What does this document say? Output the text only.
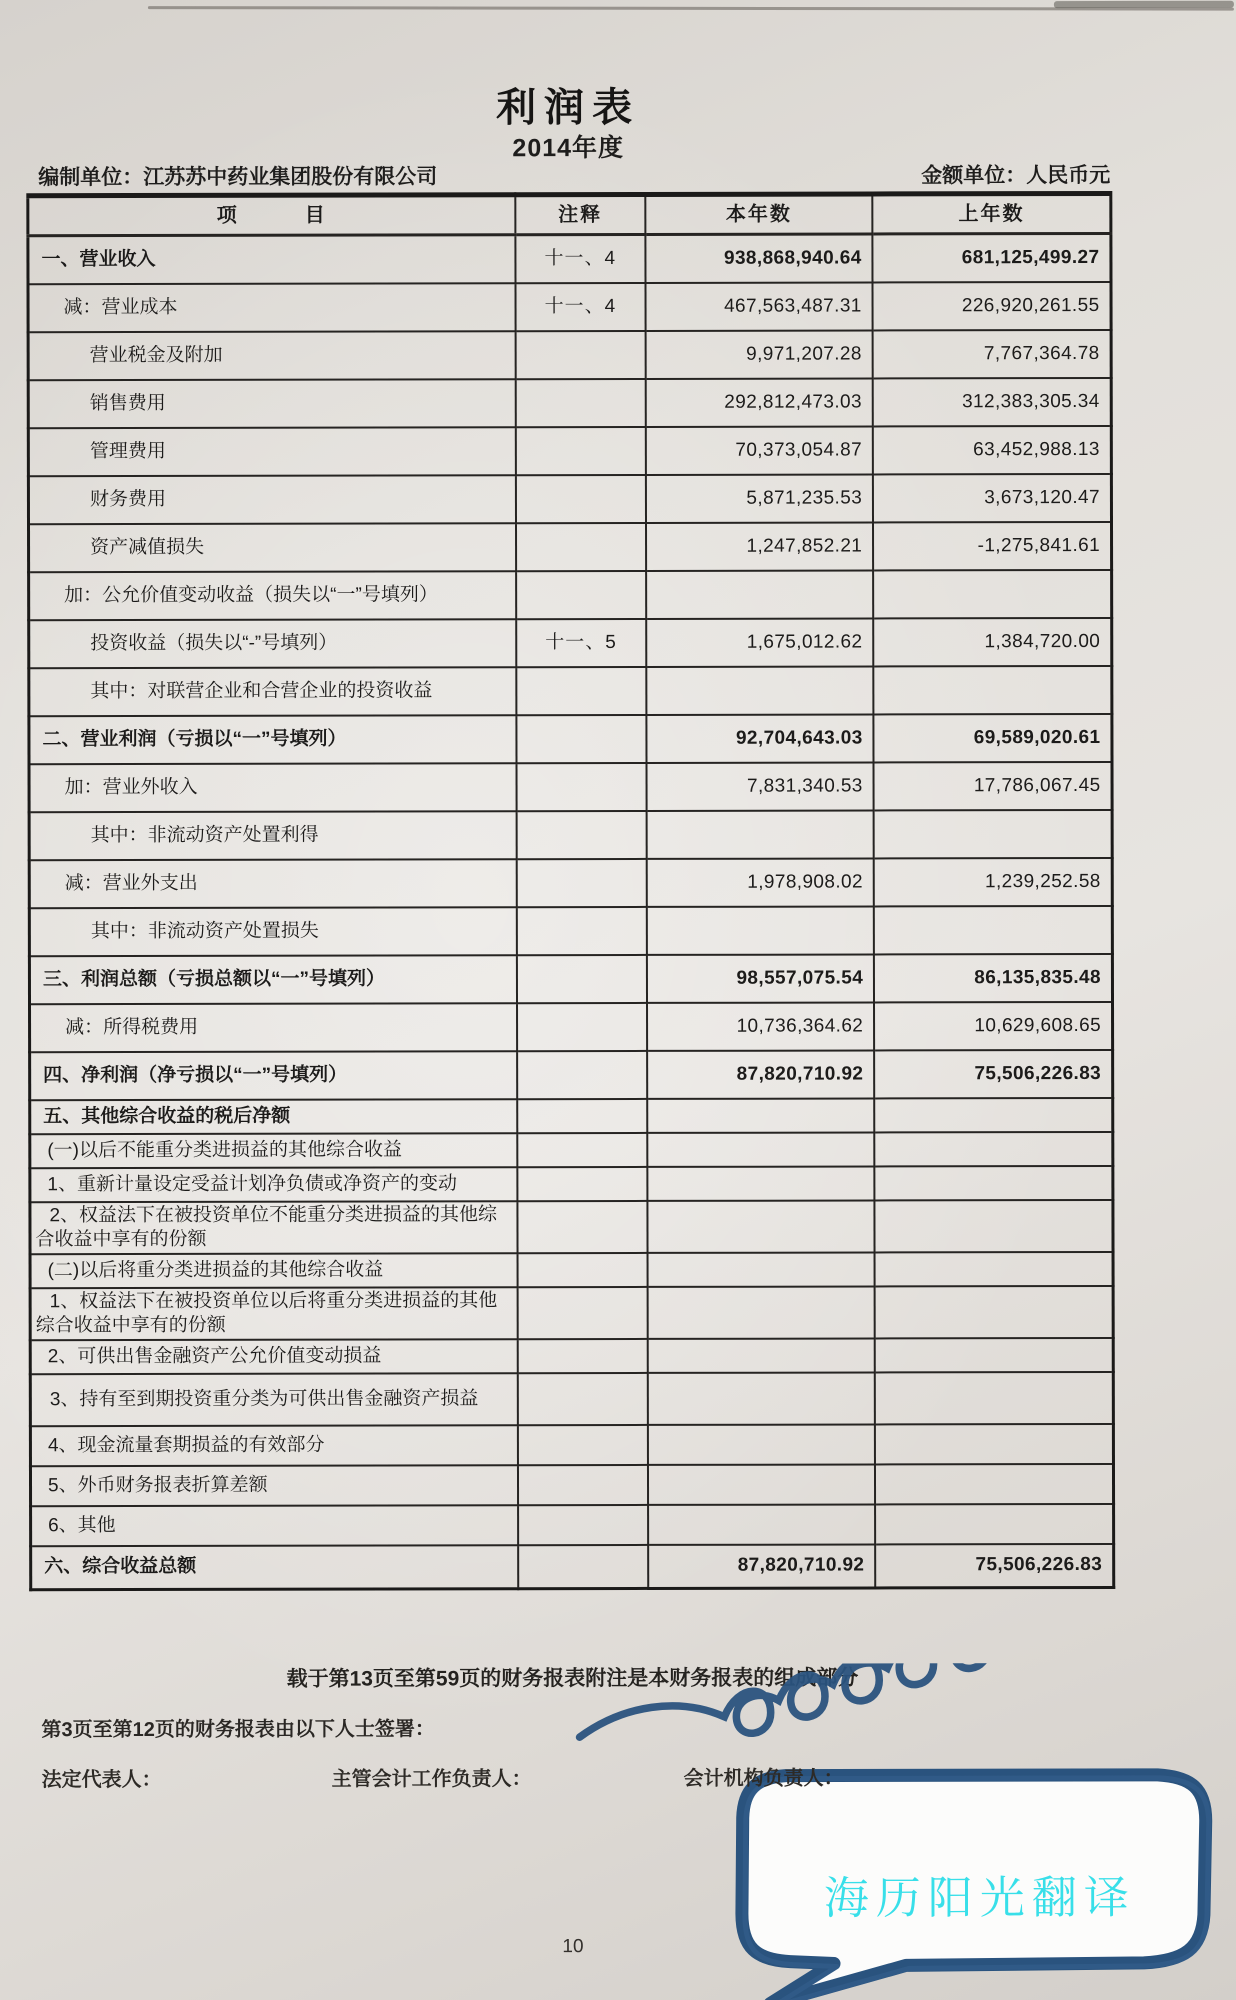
利润表
2014年度
编制单位：江苏苏中药业集团股份有限公司	金额单位：人民币元
项　　　目	注释	本年数	上年数
一、营业收入	十一、4	938,868,940.64	681,125,499.27
减：营业成本	十一、4	467,563,487.31	226,920,261.55
营业税金及附加		9,971,207.28	7,767,364.78
销售费用		292,812,473.03	312,383,305.34
管理费用		70,373,054.87	63,452,988.13
财务费用		5,871,235.53	3,673,120.47
资产减值损失		1,247,852.21	-1,275,841.61
加：公允价值变动收益（损失以“一”号填列）			
投资收益（损失以“-”号填列）	十一、5	1,675,012.62	1,384,720.00
其中：对联营企业和合营企业的投资收益			
二、营业利润（亏损以“一”号填列）		92,704,643.03	69,589,020.61
加：营业外收入		7,831,340.53	17,786,067.45
其中：非流动资产处置利得			
减：营业外支出		1,978,908.02	1,239,252.58
其中：非流动资产处置损失			
三、利润总额（亏损总额以“一”号填列）		98,557,075.54	86,135,835.48
减：所得税费用		10,736,364.62	10,629,608.65
四、净利润（净亏损以“一”号填列）		87,820,710.92	75,506,226.83
五、其他综合收益的税后净额			
(一)以后不能重分类进损益的其他综合收益			
1、重新计量设定受益计划净负债或净资产的变动			
2、权益法下在被投资单位不能重分类进损益的其他综合收益中享有的份额			
(二)以后将重分类进损益的其他综合收益			
1、权益法下在被投资单位以后将重分类进损益的其他综合收益中享有的份额			
2、可供出售金融资产公允价值变动损益			
3、持有至到期投资重分类为可供出售金融资产损益			
4、现金流量套期损益的有效部分			
5、外币财务报表折算差额			
6、其他			
六、综合收益总额		87,820,710.92	75,506,226.83
载于第13页至第59页的财务报表附注是本财务报表的组成部分
第3页至第12页的财务报表由以下人士签署：
法定代表人：	主管会计工作负责人：	会计机构负责人：
10
海历阳光翻译
